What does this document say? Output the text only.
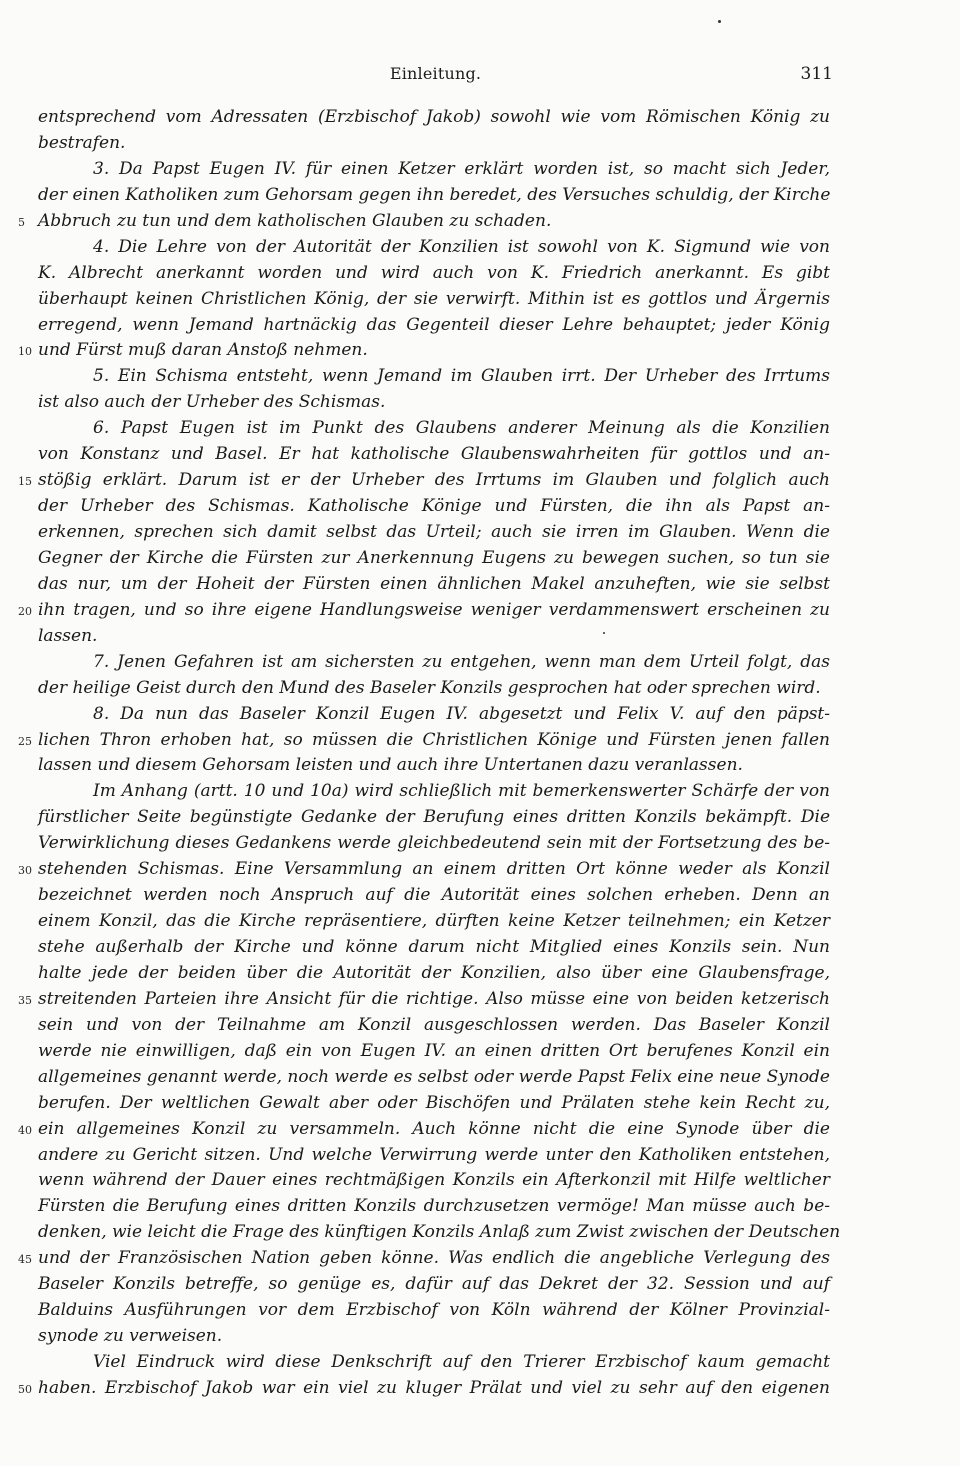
Einleitung.	311
entsprechend vom Adressaten (Erzbischof Jakob) sowohl wie vom Römischen König zu
bestrafen.
3. Da Papst Eugen IV. für einen Ketzer erklärt worden ist, so macht sich Jeder,
der einen Katholiken zum Gehorsam gegen ihn beredet, des Versuches schuldig, der Kirche
5 Abbruch zu tun und dem katholischen Glauben zu schaden.
4. Die Lehre von der Autorität der Konzilien ist sowohl von K. Sigmund wie von
K. Albrecht anerkannt worden und wird auch von K. Friedrich anerkannt. Es gibt
überhaupt keinen Christlichen König, der sie verwirft. Mithin ist es gottlos und Ärgernis
erregend, wenn Jemand hartnäckig das Gegenteil dieser Lehre behauptet; jeder König
10 und Fürst muß daran Anstoß nehmen.
5. Ein Schisma entsteht, wenn Jemand im Glauben irrt. Der Urheber des Irrtums
ist also auch der Urheber des Schismas.
6. Papst Eugen ist im Punkt des Glaubens anderer Meinung als die Konzilien
von Konstanz und Basel. Er hat katholische Glaubenswahrheiten für gottlos und an-
15 stößig erklärt. Darum ist er der Urheber des Irrtums im Glauben und folglich auch
der Urheber des Schismas. Katholische Könige und Fürsten, die ihn als Papst an-
erkennen, sprechen sich damit selbst das Urteil; auch sie irren im Glauben. Wenn die
Gegner der Kirche die Fürsten zur Anerkennung Eugens zu bewegen suchen, so tun sie
das nur, um der Hoheit der Fürsten einen ähnlichen Makel anzuheften, wie sie selbst
20 ihn tragen, und so ihre eigene Handlungsweise weniger verdammenswert erscheinen zu
lassen.
7. Jenen Gefahren ist am sichersten zu entgehen, wenn man dem Urteil folgt, das
der heilige Geist durch den Mund des Baseler Konzils gesprochen hat oder sprechen wird.
8. Da nun das Baseler Konzil Eugen IV. abgesetzt und Felix V. auf den päpst-
25 lichen Thron erhoben hat, so müssen die Christlichen Könige und Fürsten jenen fallen
lassen und diesem Gehorsam leisten und auch ihre Untertanen dazu veranlassen.
Im Anhang (artt. 10 und 10a) wird schließlich mit bemerkenswerter Schärfe der von
fürstlicher Seite begünstigte Gedanke der Berufung eines dritten Konzils bekämpft. Die
Verwirklichung dieses Gedankens werde gleichbedeutend sein mit der Fortsetzung des be-
30 stehenden Schismas. Eine Versammlung an einem dritten Ort könne weder als Konzil
bezeichnet werden noch Anspruch auf die Autorität eines solchen erheben. Denn an
einem Konzil, das die Kirche repräsentiere, dürften keine Ketzer teilnehmen; ein Ketzer
stehe außerhalb der Kirche und könne darum nicht Mitglied eines Konzils sein. Nun
halte jede der beiden über die Autorität der Konzilien, also über eine Glaubensfrage,
35 streitenden Parteien ihre Ansicht für die richtige. Also müsse eine von beiden ketzerisch
sein und von der Teilnahme am Konzil ausgeschlossen werden. Das Baseler Konzil
werde nie einwilligen, daß ein von Eugen IV. an einen dritten Ort berufenes Konzil ein
allgemeines genannt werde, noch werde es selbst oder werde Papst Felix eine neue Synode
berufen. Der weltlichen Gewalt aber oder Bischöfen und Prälaten stehe kein Recht zu,
40 ein allgemeines Konzil zu versammeln. Auch könne nicht die eine Synode über die
andere zu Gericht sitzen. Und welche Verwirrung werde unter den Katholiken entstehen,
wenn während der Dauer eines rechtmäßigen Konzils ein Afterkonzil mit Hilfe weltlicher
Fürsten die Berufung eines dritten Konzils durchzusetzen vermöge! Man müsse auch be-
denken, wie leicht die Frage des künftigen Konzils Anlaß zum Zwist zwischen der Deutschen
45 und der Französischen Nation geben könne. Was endlich die angebliche Verlegung des
Baseler Konzils betreffe, so genüge es, dafür auf das Dekret der 32. Session und auf
Balduins Ausführungen vor dem Erzbischof von Köln während der Kölner Provinzial-
synode zu verweisen.
Viel Eindruck wird diese Denkschrift auf den Trierer Erzbischof kaum gemacht
50 haben. Erzbischof Jakob war ein viel zu kluger Prälat und viel zu sehr auf den eigenen
